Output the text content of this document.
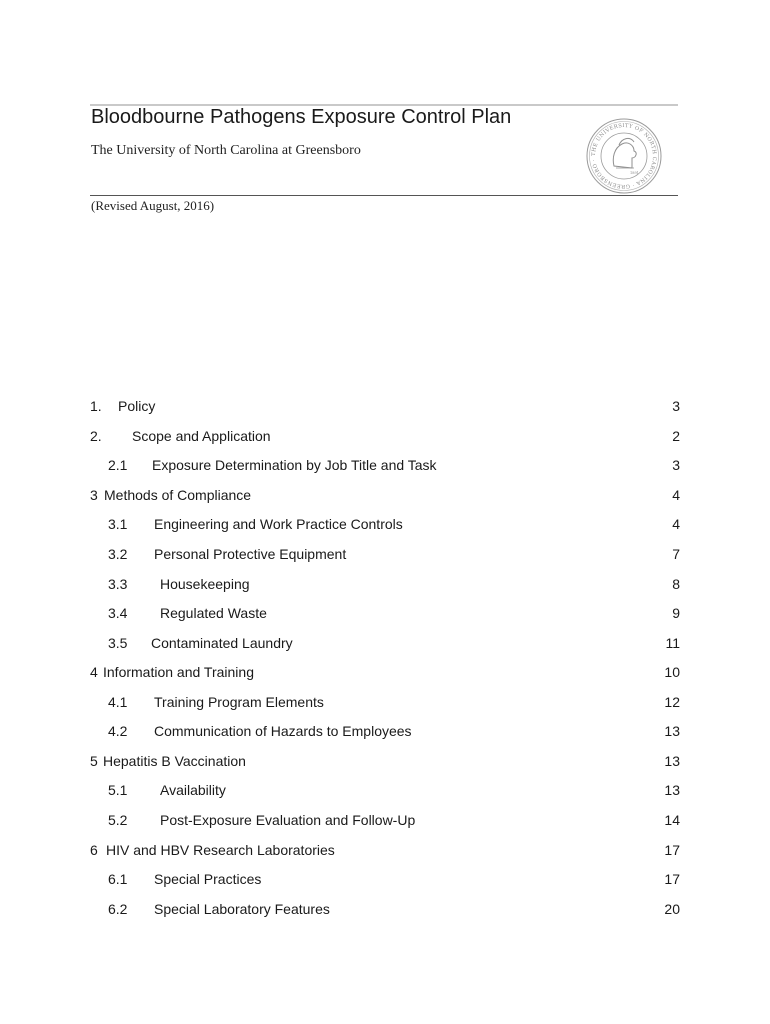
Bloodbourne Pathogens Exposure Control Plan
The University of North Carolina at Greensboro	THE UNIVERSITY OF NORTH CAROLINA · GREENSBORO ·
1891
(Revised August, 2016)
1. Policy	3
2. Scope and Application	2
2.1 Exposure Determination by Job Title and Task	3
3 Methods of Compliance	4
3.1 Engineering and Work Practice Controls	4
3.2 Personal Protective Equipment	7
3.3 Housekeeping	8
3.4 Regulated Waste	9
3.5 Contaminated Laundry	11
4 Information and Training	10
4.1 Training Program Elements	12
4.2 Communication of Hazards to Employees	13
5 Hepatitis B Vaccination	13
5.1 Availability	13
5.2 Post-Exposure Evaluation and Follow-Up	14
6 HIV and HBV Research Laboratories	17
6.1 Special Practices	17
6.2 Special Laboratory Features	20
